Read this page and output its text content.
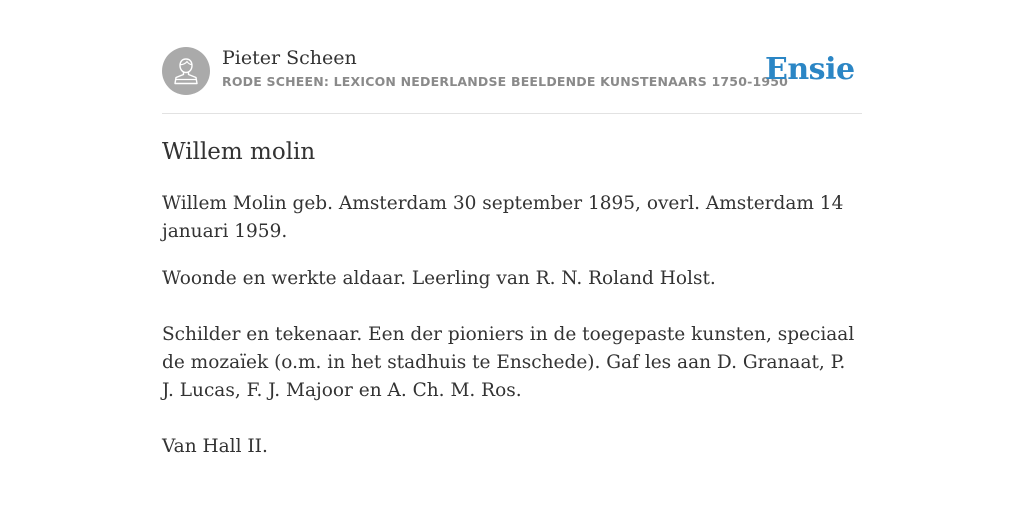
Pieter Scheen
RODE SCHEEN: LEXICON NEDERLANDSE BEELDENDE KUNSTENAARS 1750-1950
Ensie
Willem molin

Willem Molin geb. Amsterdam 30 september 1895, overl. Amsterdam 14 januari 1959.

Woonde en werkte aldaar. Leerling van R. N. Roland Holst.

Schilder en tekenaar. Een der pioniers in de toegepaste kunsten, speciaal de mozaïek (o.m. in het stadhuis te Enschede). Gaf les aan D. Granaat, P. J. Lucas, F. J. Majoor en A. Ch. M. Ros.

Van Hall II.
